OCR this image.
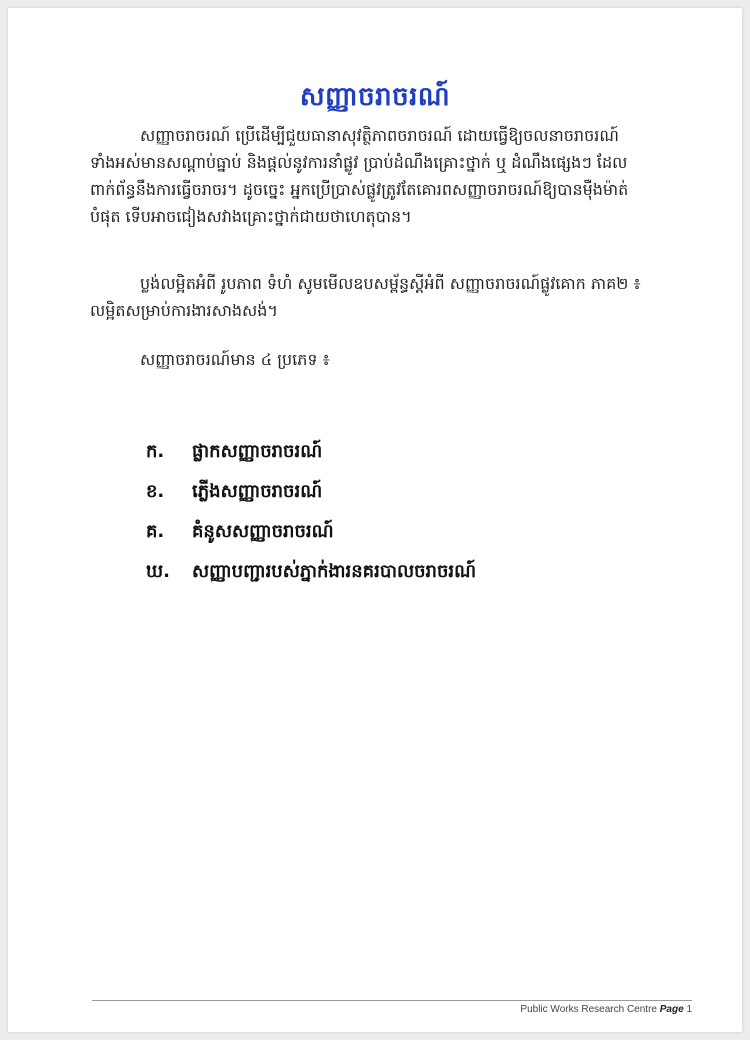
សញ្ញាចរាចរណ៍
សញ្ញាចរាចរណ៍ ប្រើដើម្បីជួយធានាសុវត្ថិភាពចរាចរណ៍ ដោយធ្វើឱ្យចលនាចរាចរណ៍
ទាំងអស់មានសណ្តាប់ធ្នាប់ និងផ្តល់នូវការនាំផ្លូវ ប្រាប់ដំណឹងគ្រោះថ្នាក់ ឬ ដំណឹងផ្សេងៗ ដែល
ពាក់ព័ន្ធនឹងការធ្វើចរាចរ។ ដូចច្នេះ អ្នកប្រើប្រាស់ផ្លូវត្រូវតែគោរពសញ្ញាចរាចរណ៍ឱ្យបានម៉ឺងម៉ាត់
បំផុត ទើបអាចជៀងសវាងគ្រោះថ្នាក់ជាយថាហេតុបាន។
ប្លង់លម្អិតអំពី រូបភាព ទំហំ សូមមើលឧបសម្ព័ន្ធស្តីអំពី សញ្ញាចរាចរណ៍ផ្លូវគោក ភាគ២ ៖
លម្អិតសម្រាប់ការងារសាងសង់។
សញ្ញាចរាចរណ៍មាន ៤ ប្រភេទ ៖
ក.	ផ្លាកសញ្ញាចរាចរណ៍
ខ.	ភ្លើងសញ្ញាចរាចរណ៍
គ.	គំនូសសញ្ញាចរាចរណ៍
ឃ.	សញ្ញាបញ្ជារបស់ភ្នាក់ងារនគរបាលចរាចរណ៍
Public Works Research Centre Page 1
